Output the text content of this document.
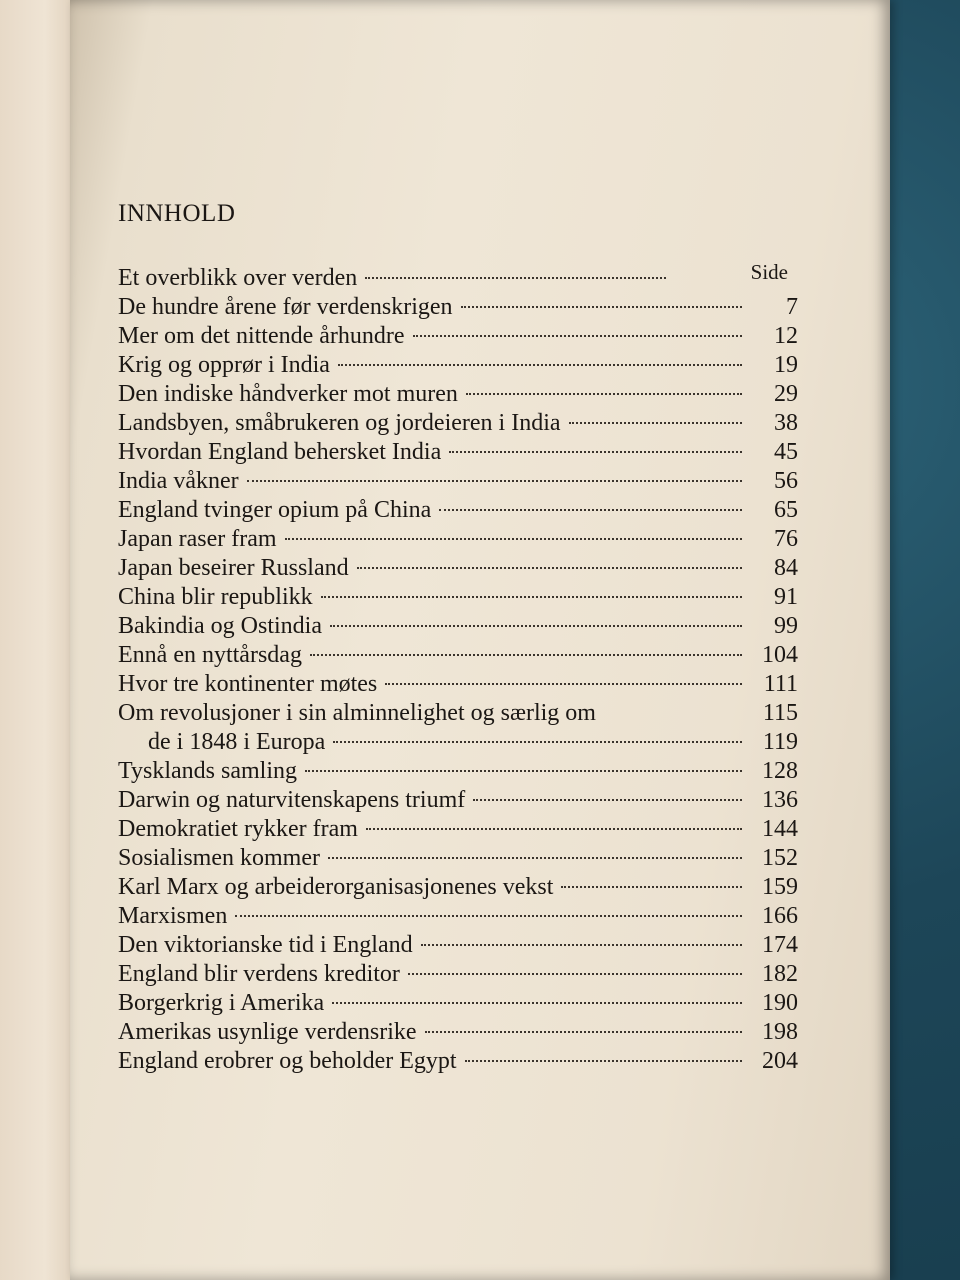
INNHOLD
Side
Et overblikk over verden
De hundre årene før verdenskrigen	7
Mer om det nittende århundre	12
Krig og opprør i India	19
Den indiske håndverker mot muren	29
Landsbyen, småbrukeren og jordeieren i India	38
Hvordan England behersket India	45
India våkner	56
England tvinger opium på China	65
Japan raser fram	76
Japan beseirer Russland	84
China blir republikk	91
Bakindia og Ostindia	99
Ennå en nyttårsdag	104
Hvor tre kontinenter møtes	111
Om revolusjoner i sin alminnelighet og særlig om	115
de i 1848 i Europa	119
Tysklands samling	128
Darwin og naturvitenskapens triumf	136
Demokratiet rykker fram	144
Sosialismen kommer	152
Karl Marx og arbeiderorganisasjonenes vekst	159
Marxismen	166
Den viktorianske tid i England	174
England blir verdens kreditor	182
Borgerkrig i Amerika	190
Amerikas usynlige verdensrike	198
England erobrer og beholder Egypt	204
